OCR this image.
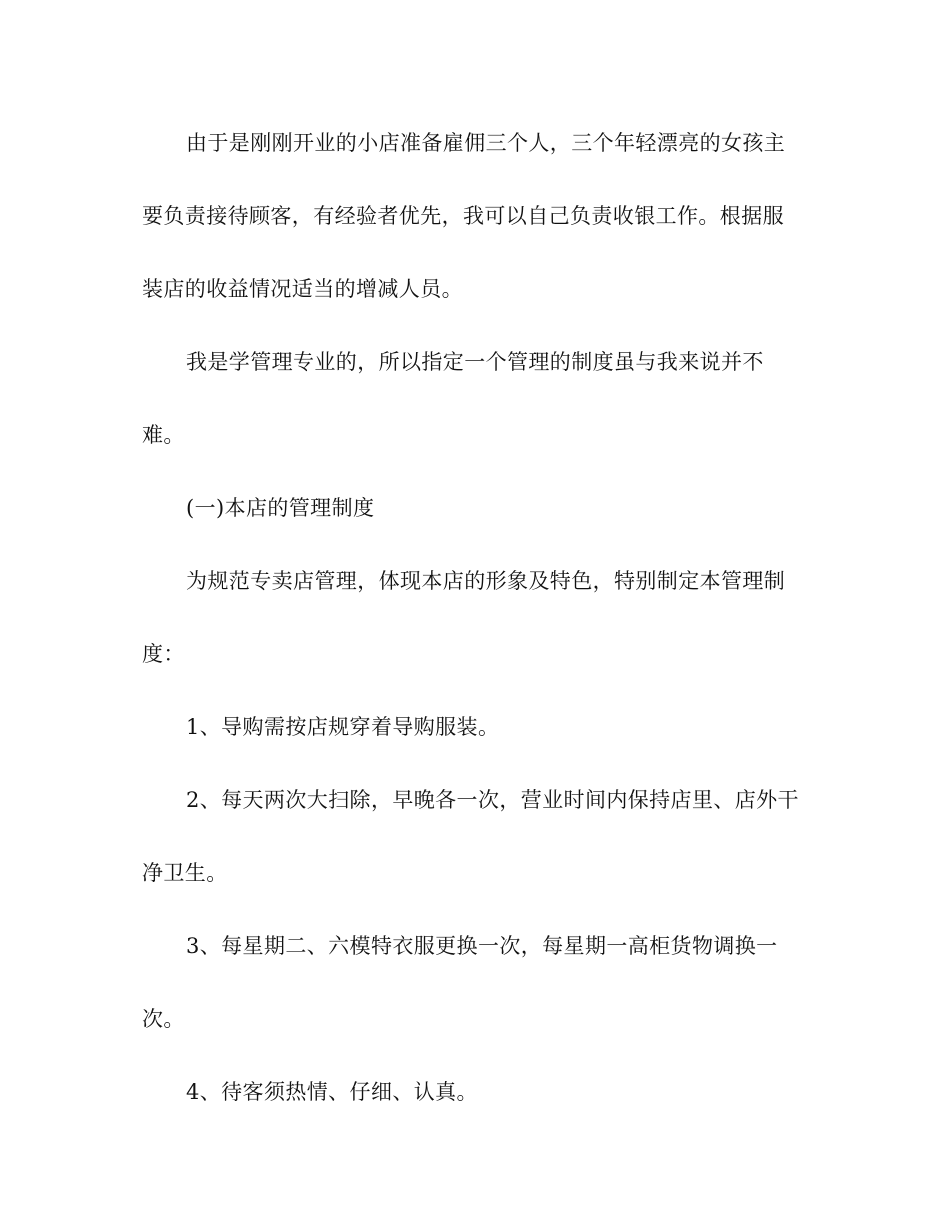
由于是刚刚开业的小店准备雇佣三个人，三个年轻漂亮的女孩主

要负责接待顾客，有经验者优先，我可以自己负责收银工作。根据服

装店的收益情况适当的增减人员。

我是学管理专业的，所以指定一个管理的制度虽与我来说并不

难。

(一)本店的管理制度

为规范专卖店管理，体现本店的形象及特色，特别制定本管理制

度：

1、导购需按店规穿着导购服装。

2、每天两次大扫除，早晚各一次，营业时间内保持店里、店外干

净卫生。

3、每星期二、六模特衣服更换一次，每星期一高柜货物调换一

次。

4、待客须热情、仔细、认真。
